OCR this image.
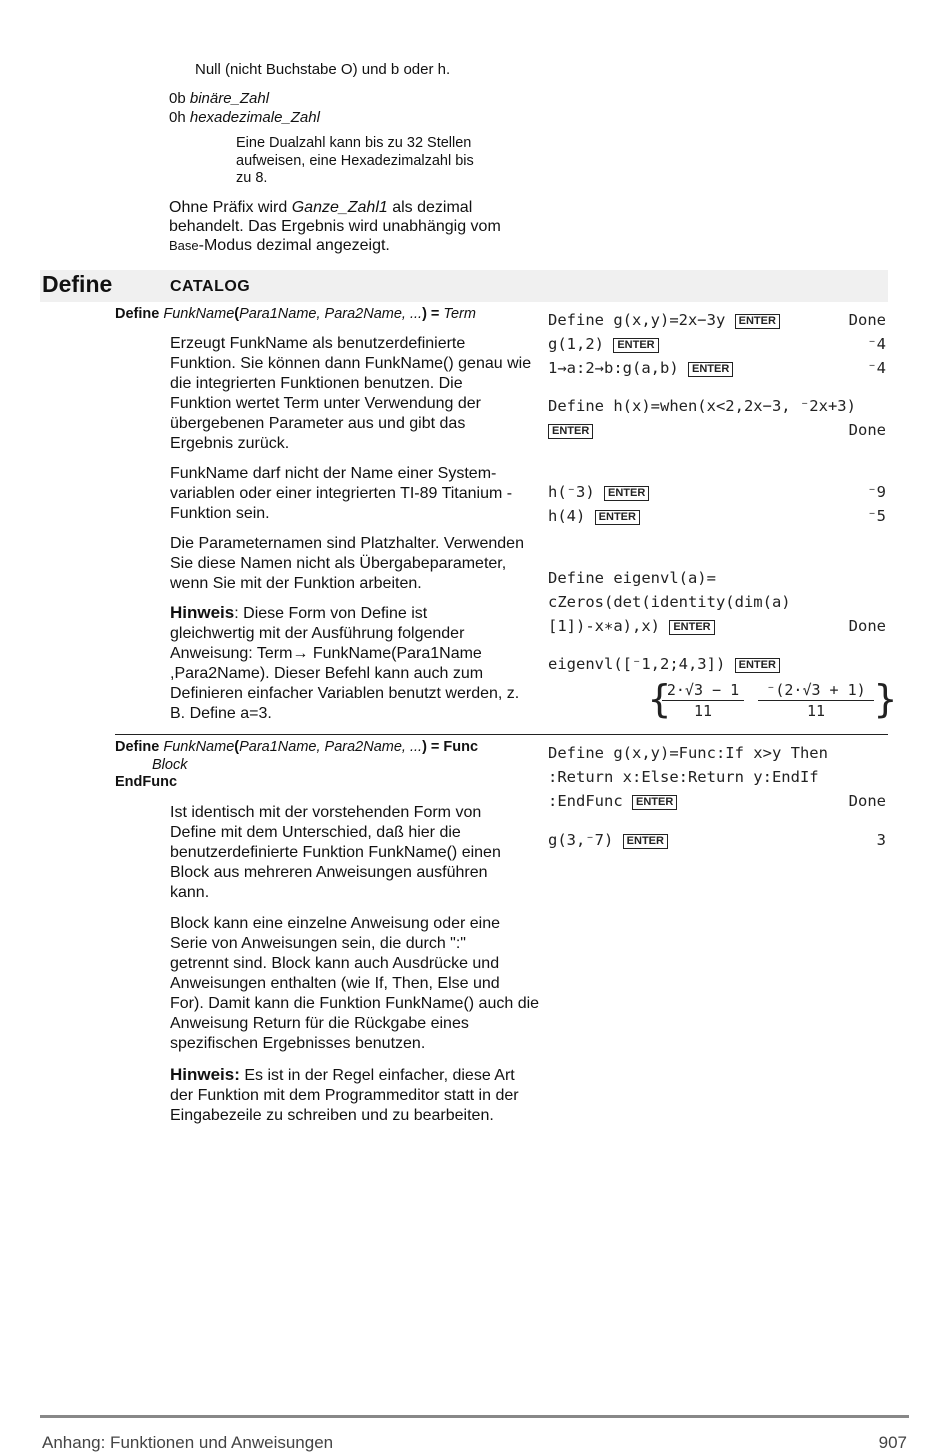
Null (nicht Buchstabe O) und b oder h.
0b binäre_Zahl
0h hexadezimale_Zahl
Eine Dualzahl kann bis zu 32 Stellen
aufweisen, eine Hexadezimalzahl bis
zu 8.
Ohne Präfix wird Ganze_Zahl1 als dezimal
behandelt. Das Ergebnis wird unabhängig vom
Base-Modus dezimal angezeigt.
Define	CATALOG
Define FunkName(Para1Name, Para2Name, ...) = Term
Erzeugt FunkName als benutzerdefinierte
Funktion. Sie können dann FunkName() genau wie
die integrierten Funktionen benutzen. Die
Funktion wertet Term unter Verwendung der
übergebenen Parameter aus und gibt das
Ergebnis zurück.
FunkName darf nicht der Name einer System-
variablen oder einer integrierten TI-89 Titanium -
Funktion sein.
Die Parameternamen sind Platzhalter. Verwenden
Sie diese Namen nicht als Übergabeparameter,
wenn Sie mit der Funktion arbeiten.
Hinweis: Diese Form von Define ist
gleichwertig mit der Ausführung folgender
Anweisung: Term→ FunkName(Para1Name
,Para2Name). Dieser Befehl kann auch zum
Definieren einfacher Variablen benutzt werden, z.
B. Define a=3.
Define g(x,y)=2x−3y ENTER	Done
g(1,2) ENTER	⁻4
1→a:2→b:g(a,b) ENTER	⁻4
Define h(x)=when(x<2,2x−3, ⁻2x+3)
ENTER	Done
h(⁻3) ENTER	⁻9
h(4) ENTER	⁻5
Define eigenvl(a)=
cZeros(det(identity(dim(a)
[1])-x∗a),x) ENTER	Done
eigenvl([⁻1,2;4,3]) ENTER
{
2·√3 − 1
11
⁻(2·√3 + 1)
11	}
Define FunkName(Para1Name, Para2Name, ...) = Func
Block
EndFunc
Ist identisch mit der vorstehenden Form von
Define mit dem Unterschied, daß hier die
benutzerdefinierte Funktion FunkName() einen
Block aus mehreren Anweisungen ausführen
kann.
Block kann eine einzelne Anweisung oder eine
Serie von Anweisungen sein, die durch ":"
getrennt sind. Block kann auch Ausdrücke und
Anweisungen enthalten (wie If, Then, Else und
For). Damit kann die Funktion FunkName() auch die
Anweisung Return für die Rückgabe eines
spezifischen Ergebnisses benutzen.
Hinweis: Es ist in der Regel einfacher, diese Art
der Funktion mit dem Programmeditor statt in der
Eingabezeile zu schreiben und zu bearbeiten.
Define g(x,y)=Func:If x>y Then
:Return x:Else:Return y:EndIf
:EndFunc ENTER	Done
g(3,⁻7) ENTER	3
Anhang: Funktionen und Anweisungen	907
